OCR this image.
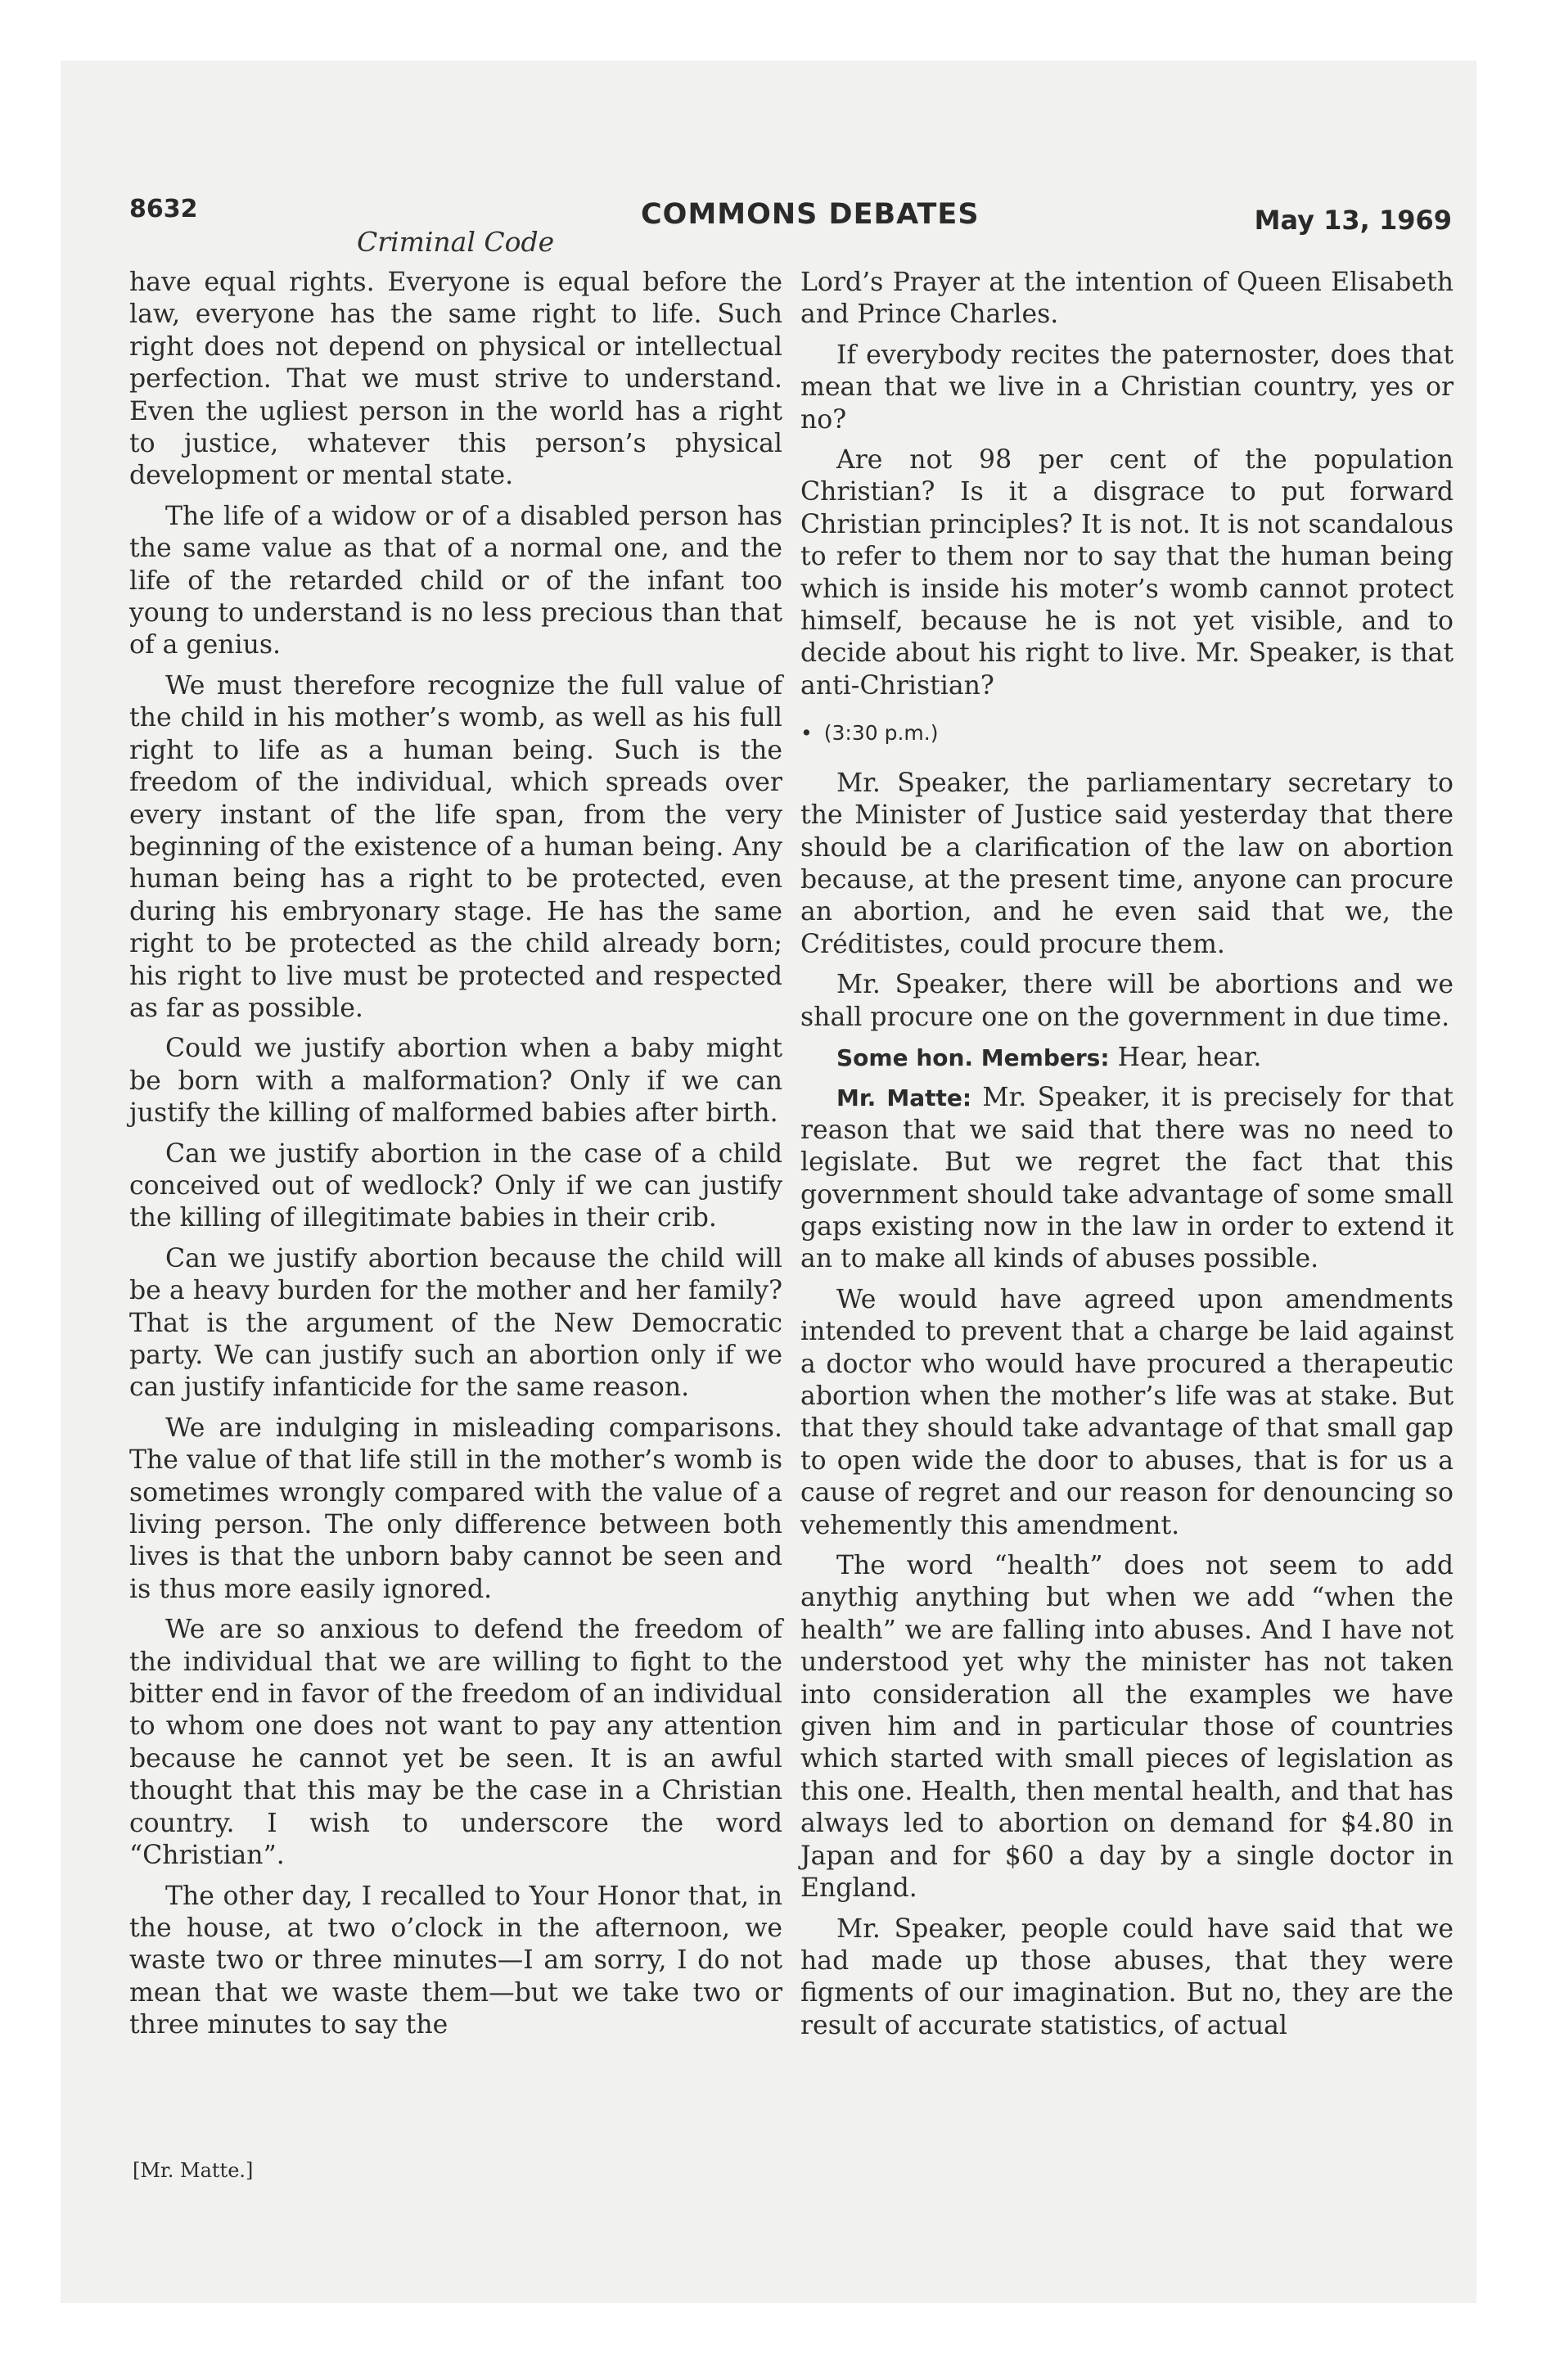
8632	COMMONS DEBATES	May 13, 1969
Criminal Code

have equal rights. Everyone is equal before the law, everyone has the same right to life. Such right does not depend on physical or intellectual perfection. That we must strive to understand. Even the ugliest person in the world has a right to justice, whatever this person’s physical development or mental state.

The life of a widow or of a disabled person has the same value as that of a normal one, and the life of the retarded child or of the infant too young to understand is no less precious than that of a genius.

We must therefore recognize the full value of the child in his mother’s womb, as well as his full right to life as a human being. Such is the freedom of the individual, which spreads over every instant of the life span, from the very beginning of the existence of a human being. Any human being has a right to be protected, even during his embryonary stage. He has the same right to be protected as the child already born; his right to live must be protected and respected as far as possible.

Could we justify abortion when a baby might be born with a malformation? Only if we can justify the killing of malformed babies after birth.

Can we justify abortion in the case of a child conceived out of wedlock? Only if we can justify the killing of illegitimate babies in their crib.

Can we justify abortion because the child will be a heavy burden for the mother and her family? That is the argument of the New Democratic party. We can justify such an abortion only if we can justify infanticide for the same reason.

We are indulging in misleading comparisons. The value of that life still in the mother’s womb is sometimes wrongly compared with the value of a living person. The only difference between both lives is that the unborn baby cannot be seen and is thus more easily ignored.

We are so anxious to defend the freedom of the individual that we are willing to fight to the bitter end in favor of the freedom of an individual to whom one does not want to pay any attention because he cannot yet be seen. It is an awful thought that this may be the case in a Christian country. I wish to underscore the word “Christian”.

The other day, I recalled to Your Honor that, in the house, at two o’clock in the afternoon, we waste two or three minutes—I am sorry, I do not mean that we waste them—but we take two or three minutes to say the

[Mr. Matte.]

Lord’s Prayer at the intention of Queen Elisabeth and Prince Charles.

If everybody recites the paternoster, does that mean that we live in a Christian country, yes or no?

Are not 98 per cent of the population Christian? Is it a disgrace to put forward Christian principles? It is not. It is not scandalous to refer to them nor to say that the human being which is inside his moter’s womb cannot protect himself, because he is not yet visible, and to decide about his right to live. Mr. Speaker, is that anti-Christian?

• (3:30 p.m.)

Mr. Speaker, the parliamentary secretary to the Minister of Justice said yesterday that there should be a clarification of the law on abortion because, at the present time, anyone can procure an abortion, and he even said that we, the Créditistes, could procure them.

Mr. Speaker, there will be abortions and we shall procure one on the government in due time.

Some hon. Members: Hear, hear.

Mr. Matte: Mr. Speaker, it is precisely for that reason that we said that there was no need to legislate. But we regret the fact that this government should take advantage of some small gaps existing now in the law in order to extend it an to make all kinds of abuses possible.

We would have agreed upon amendments intended to prevent that a charge be laid against a doctor who would have procured a therapeutic abortion when the mother’s life was at stake. But that they should take advantage of that small gap to open wide the door to abuses, that is for us a cause of regret and our reason for denouncing so vehemently this amendment.

The word “health” does not seem to add anythig anything but when we add “when the health” we are falling into abuses. And I have not understood yet why the minister has not taken into consideration all the examples we have given him and in particular those of countries which started with small pieces of legislation as this one. Health, then mental health, and that has always led to abortion on demand for $4.80 in Japan and for $60 a day by a single doctor in England.

Mr. Speaker, people could have said that we had made up those abuses, that they were figments of our imagination. But no, they are the result of accurate statistics, of actual
